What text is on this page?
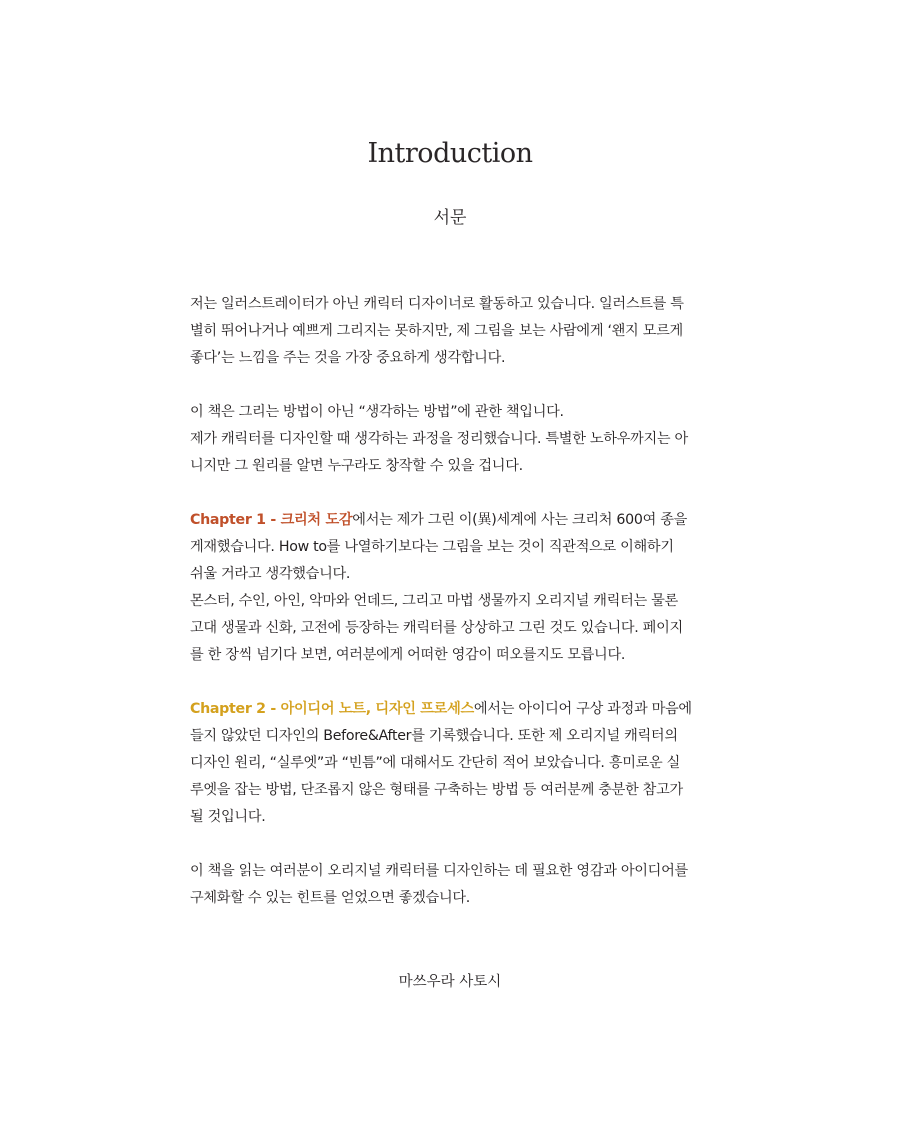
Introduction
서문

저는 일러스트레이터가 아닌 캐릭터 디자이너로 활동하고 있습니다. 일러스트를 특
별히 뛰어나거나 예쁘게 그리지는 못하지만, 제 그림을 보는 사람에게 ‘왠지 모르게
좋다’는 느낌을 주는 것을 가장 중요하게 생각합니다.

이 책은 그리는 방법이 아닌 “생각하는 방법”에 관한 책입니다.
제가 캐릭터를 디자인할 때 생각하는 과정을 정리했습니다. 특별한 노하우까지는 아
니지만 그 원리를 알면 누구라도 창작할 수 있을 겁니다.

Chapter 1 - 크리처 도감에서는 제가 그린 이(異)세계에 사는 크리처 600여 종을
게재했습니다. How to를 나열하기보다는 그림을 보는 것이 직관적으로 이해하기
쉬울 거라고 생각했습니다.
몬스터, 수인, 아인, 악마와 언데드, 그리고 마법 생물까지 오리지널 캐릭터는 물론
고대 생물과 신화, 고전에 등장하는 캐릭터를 상상하고 그린 것도 있습니다. 페이지
를 한 장씩 넘기다 보면, 여러분에게 어떠한 영감이 떠오를지도 모릅니다.

Chapter 2 - 아이디어 노트, 디자인 프로세스에서는 아이디어 구상 과정과 마음에
들지 않았던 디자인의 Before&After를 기록했습니다. 또한 제 오리지널 캐릭터의
디자인 원리, “실루엣”과 “빈틈”에 대해서도 간단히 적어 보았습니다. 흥미로운 실
루엣을 잡는 방법, 단조롭지 않은 형태를 구축하는 방법 등 여러분께 충분한 참고가
될 것입니다.

이 책을 읽는 여러분이 오리지널 캐릭터를 디자인하는 데 필요한 영감과 아이디어를
구체화할 수 있는 힌트를 얻었으면 좋겠습니다.

마쓰우라 사토시
